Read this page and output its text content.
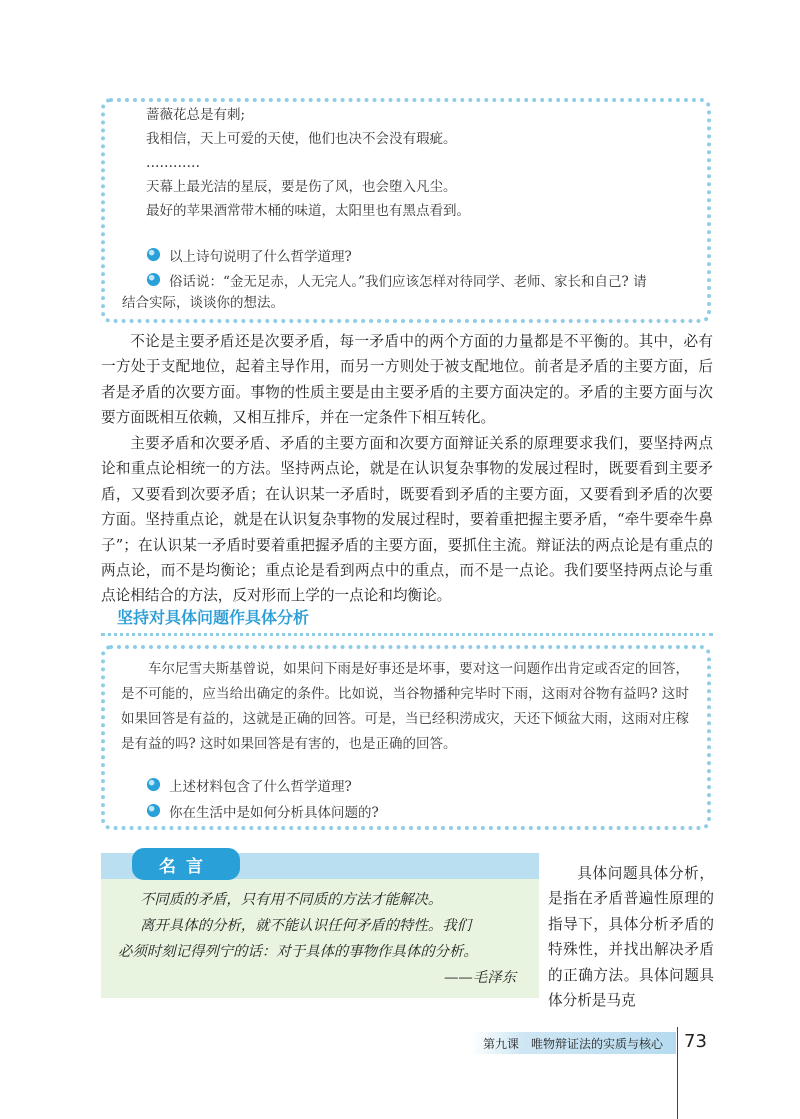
蔷薇花总是有刺;
我相信，天上可爱的天使，他们也决不会没有瑕疵。
…………
天幕上最光洁的星辰，要是伤了风，也会堕入凡尘。
最好的苹果酒常带木桶的味道，太阳里也有黑点看到。
以上诗句说明了什么哲学道理?
俗话说：“金无足赤，人无完人。”我们应该怎样对待同学、老师、家长和自己? 请
结合实际，谈谈你的想法。

不论是主要矛盾还是次要矛盾，每一矛盾中的两个方面的力量都是不平衡的。其中，必有一方处于支配地位，起着主导作用，而另一方则处于被支配地位。前者是矛盾的主要方面，后者是矛盾的次要方面。事物的性质主要是由主要矛盾的主要方面决定的。矛盾的主要方面与次要方面既相互依赖，又相互排斥，并在一定条件下相互转化。

主要矛盾和次要矛盾、矛盾的主要方面和次要方面辩证关系的原理要求我们，要坚持两点论和重点论相统一的方法。坚持两点论，就是在认识复杂事物的发展过程时，既要看到主要矛盾，又要看到次要矛盾；在认识某一矛盾时，既要看到矛盾的主要方面，又要看到矛盾的次要方面。坚持重点论，就是在认识复杂事物的发展过程时，要着重把握主要矛盾，“牵牛要牵牛鼻子”；在认识某一矛盾时要着重把握矛盾的主要方面，要抓住主流。辩证法的两点论是有重点的两点论，而不是均衡论；重点论是看到两点中的重点，而不是一点论。我们要坚持两点论与重点论相结合的方法，反对形而上学的一点论和均衡论。

坚持对具体问题作具体分析

车尔尼雪夫斯基曾说，如果问下雨是好事还是坏事，要对这一问题作出肯定或否定的回答，是不可能的，应当给出确定的条件。比如说，当谷物播种完毕时下雨，这雨对谷物有益吗? 这时如果回答是有益的，这就是正确的回答。可是，当已经积涝成灾，天还下倾盆大雨，这雨对庄稼是有益的吗? 这时如果回答是有害的，也是正确的回答。

上述材料包含了什么哲学道理?
你在生活中是如何分析具体问题的?
名言
不同质的矛盾，只有用不同质的方法才能解决。
离开具体的分析，就不能认识任何矛盾的特性。我们
必须时刻记得列宁的话：对于具体的事物作具体的分析。
——毛泽东

具体问题具体分析，是指在矛盾普遍性原理的指导下，具体分析矛盾的特殊性，并找出解决矛盾的正确方法。具体问题具体分析是马克

第九课　唯物辩证法的实质与核心 73
